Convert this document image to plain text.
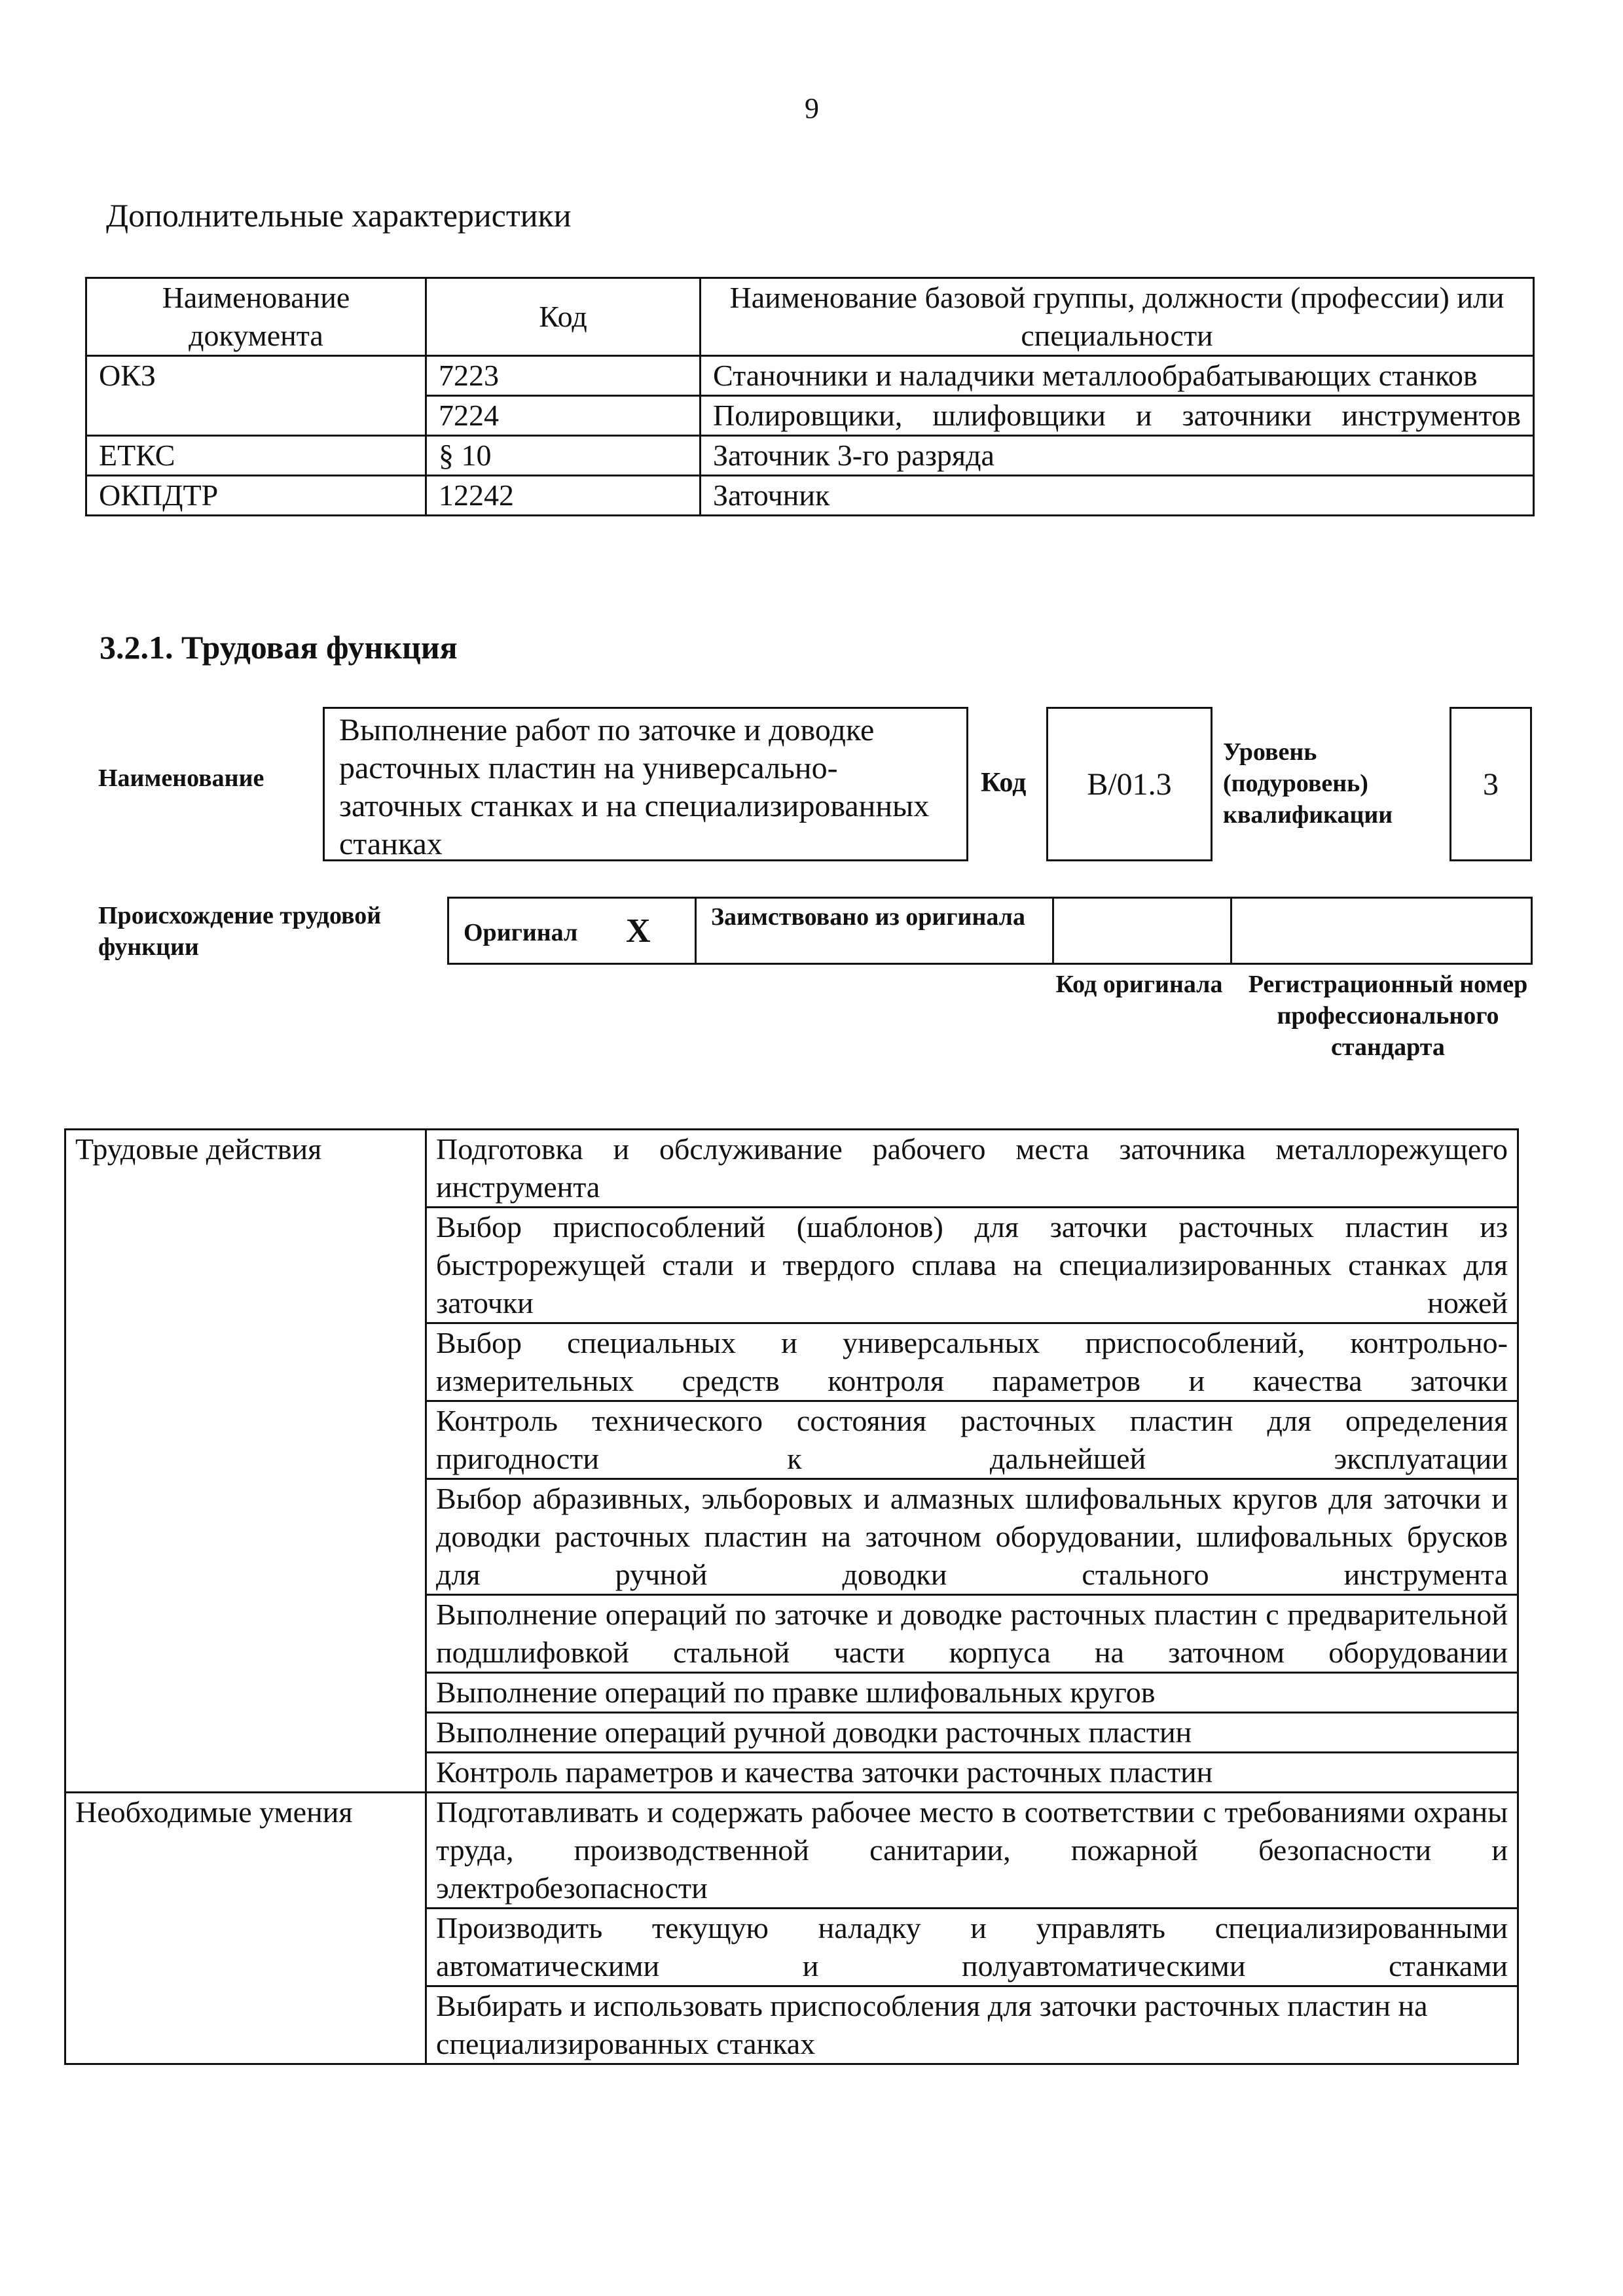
9
Дополнительные характеристики
Наименование документа	Код	Наименование базовой группы, должности (профессии) или специальности
ОКЗ	7223	Станочники и наладчики металлообрабатывающих станков
	7224	Полировщики, шлифовщики и заточники инструментов
ЕТКС	§ 10	Заточник 3-го разряда
ОКПДТР	12242	Заточник
3.2.1. Трудовая функция
Наименование
Выполнение работ по заточке и доводке расточных пластин на универсально-заточных станках и на специализированных станках
Код	B/01.3
Уровень (подуровень) квалификации
3
Происхождение трудовой функции
Оригинал X Заимствовано из оригинала
Код оригинала Регистрационный номер профессионального стандарта
Трудовые действия	Подготовка и обслуживание рабочего места заточника металлорежущего инструмента
	Выбор приспособлений (шаблонов) для заточки расточных пластин из быстрорежущей стали и твердого сплава на специализированных станках для заточки ножей
	Выбор специальных и универсальных приспособлений, контрольно-измерительных средств контроля параметров и качества заточки
	Контроль технического состояния расточных пластин для определения пригодности к дальнейшей эксплуатации
	Выбор абразивных, эльборовых и алмазных шлифовальных кругов для заточки и доводки расточных пластин на заточном оборудовании, шлифовальных брусков для ручной доводки стального инструмента
	Выполнение операций по заточке и доводке расточных пластин с предварительной подшлифовкой стальной части корпуса на заточном оборудовании
	Выполнение операций по правке шлифовальных кругов
	Выполнение операций ручной доводки расточных пластин
	Контроль параметров и качества заточки расточных пластин
Необходимые умения	Подготавливать и содержать рабочее место в соответствии с требованиями охраны труда, производственной санитарии, пожарной безопасности и электробезопасности
	Производить текущую наладку и управлять специализированными автоматическими и полуавтоматическими станками
	Выбирать и использовать приспособления для заточки расточных пластин на специализированных станках
